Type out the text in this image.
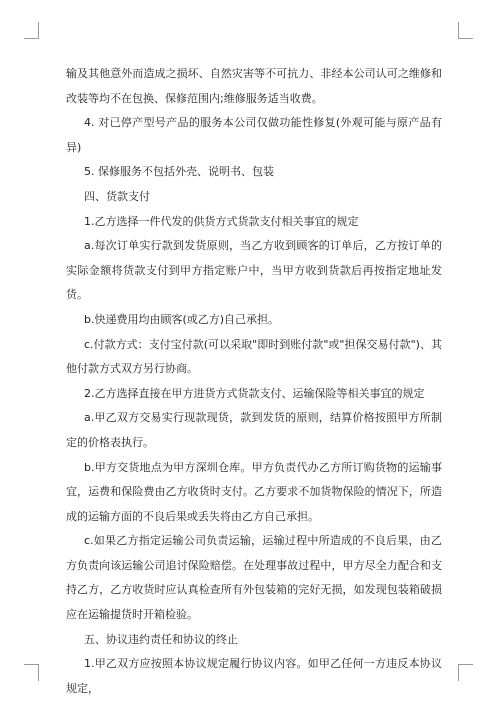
输及其他意外而造成之损坏、自然灾害等不可抗力、非经本公司认可之维修和改装等均不在包换、保修范围内;维修服务适当收费。

4. 对已停产型号产品的服务本公司仅做功能性修复(外观可能与原产品有异)

5. 保修服务不包括外壳、说明书、包装

四、货款支付

1.乙方选择一件代发的供货方式货款支付相关事宜的规定

a.每次订单实行款到发货原则，当乙方收到顾客的订单后，乙方按订单的实际金额将货款支付到甲方指定账户中，当甲方收到货款后再按指定地址发货。

b.快递费用均由顾客(或乙方)自己承担。

c.付款方式：支付宝付款(可以采取"即时到账付款"或"担保交易付款")、其他付款方式双方另行协商。

2.乙方选择直接在甲方进货方式货款支付、运输保险等相关事宜的规定

a.甲乙双方交易实行现款现货，款到发货的原则，结算价格按照甲方所制定的价格表执行。

b.甲方交货地点为甲方深圳仓库。甲方负责代办乙方所订购货物的运输事宜，运费和保险费由乙方收货时支付。乙方要求不加货物保险的情况下，所造成的运输方面的不良后果或丢失将由乙方自己承担。

c.如果乙方指定运输公司负责运输，运输过程中所造成的不良后果，由乙方负责向该运输公司追讨保险赔偿。在处理事故过程中，甲方尽全力配合和支持乙方，乙方收货时应认真检查所有外包装箱的完好无损，如发现包装箱破损应在运输提货时开箱检验。

五、协议违约责任和协议的终止

1.甲乙双方应按照本协议规定履行协议内容。如甲乙任何一方违反本协议规定，
